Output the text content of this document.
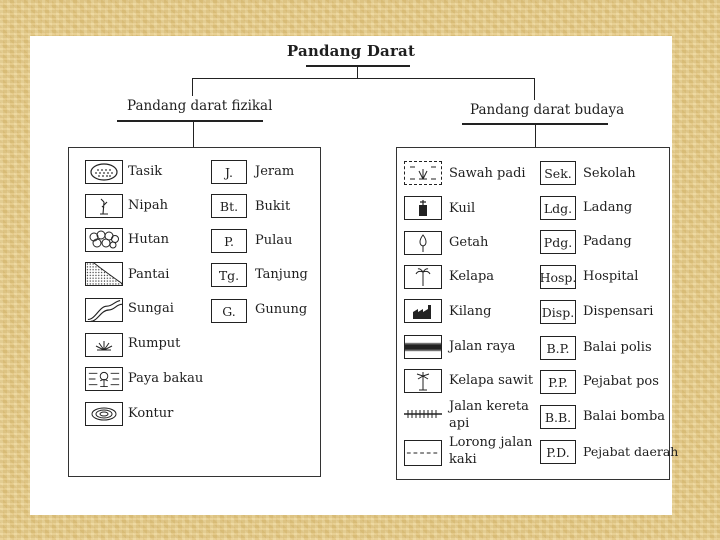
Pandang Darat
Pandang darat fizikal	Pandang darat budaya
Tasik
Nipah
Hutan
Pantai
Sungai
Rumput
Paya bakau
Kontur
J.	Jeram
Bt.	Bukit
P.	Pulau
Tg.	Tanjung
G.	Gunung
Sawah padi
Kuil
Getah
Kelapa
Kilang
Jalan raya
Kelapa sawit
Jalan kereta
api
Lorong jalan
kaki
Sek. Sekolah
Ldg. Ladang
Pdg. Padang
Hosp. Hospital
Disp. Dispensari
B.P.	Balai polis
P.P.	Pejabat pos
B.B. Balai bomba
P.D.	Pejabat daerah
